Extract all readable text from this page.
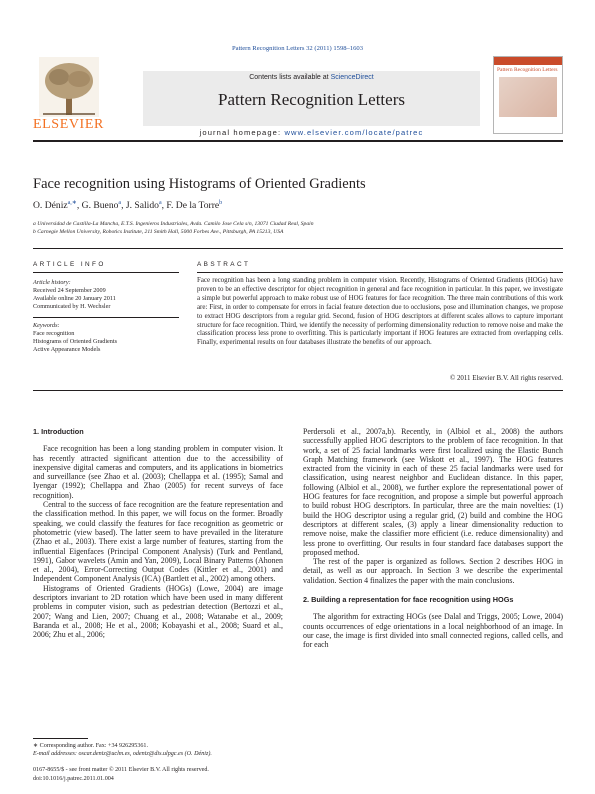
Pattern Recognition Letters 32 (2011) 1598–1603
ELSEVIER
Contents lists available at ScienceDirect
Pattern Recognition Letters
journal homepage: www.elsevier.com/locate/patrec
Pattern Recognition Letters
Face recognition using Histograms of Oriented Gradients
O. Déniz$^{a,∗}$, G. Bueno$^a$, J. Salido$^a$, F. De la Torre$^b$
a Universidad de Castilla-La Mancha, E.T.S. Ingenieros Industriales, Avda. Camilo Jose Cela s/n, 13071 Ciudad Real, Spain
b Carnegie Mellon University, Robotics Institute, 211 Smith Hall, 5000 Forbes Ave., Pittsburgh, PA 15213, USA
ARTICLE INFO	ABSTRACT
Article history:
Received 24 September 2009
Available online 20 January 2011
Communicated by H. Wechsler
Keywords:
Face recognition
Histograms of Oriented Gradients
Active Appearance Models
Face recognition has been a long standing problem in computer vision. Recently, Histograms of Oriented Gradients (HOGs) have proven to be an effective descriptor for object recognition in general and face recognition in particular. In this paper, we investigate a simple but powerful approach to make robust use of HOG features for face recognition. The three main contributions of this work are: First, in order to compensate for errors in facial feature detection due to occlusions, pose and illumination changes, we propose to extract HOG descriptors from a regular grid. Second, fusion of HOG descriptors at different scales allows to capture important structure for face recognition. Third, we identify the necessity of performing dimensionality reduction to remove noise and make the classification process less prone to overfitting. This is particularly important if HOG features are extracted from overlapping cells. Finally, experimental results on four databases illustrate the benefits of our approach.
© 2011 Elsevier B.V. All rights reserved.
1. Introduction

Face recognition has been a long standing problem in computer vision. It has recently attracted significant attention due to the accessibility of inexpensive digital cameras and computers, and its applications in biometrics and surveillance (see Zhao et al. (2003); Chellappa et al. (1995); Samal and Iyengar (1992); Chellappa and Zhao (2005) for recent surveys of face recognition).

Central to the success of face recognition are the feature representation and the classification method. In this paper, we will focus on the former. Broadly speaking, we could classify the features for face recognition as geometric or photometric (view based). The latter seem to have prevailed in the literature (Zhao et al., 2003). There exist a large number of features, starting from the influential Eigenfaces (Principal Component Analysis) (Turk and Pentland, 1991), Gabor wavelets (Amin and Yan, 2009), Local Binary Patterns (Ahonen et al., 2004), Error-Correcting Output Codes (Kittler et al., 2001) and Independent Component Analysis (ICA) (Bartlett et al., 2002) among others.

Histograms of Oriented Gradients (HOGs) (Lowe, 2004) are image descriptors invariant to 2D rotation which have been used in many different problems in computer vision, such as pedestrian detection (Bertozzi et al., 2007; Wang and Lien, 2007; Chuang et al., 2008; Watanabe et al., 2009; Baranda et al., 2008; He et al., 2008; Kobayashi et al., 2008; Suard et al., 2006; Zhu et al., 2006;

Perdersoli et al., 2007a,b). Recently, in (Albiol et al., 2008) the authors successfully applied HOG descriptors to the problem of face recognition. In that work, a set of 25 facial landmarks were first localized using the Elastic Bunch Graph Matching framework (see Wiskott et al., 1997). The HOG features extracted from the vicinity in each of these 25 facial landmarks were used for classification, using nearest neighbor and Euclidean distance. In this paper, following (Albiol et al., 2008), we further explore the representational power of HOG features for face recognition, and propose a simple but powerful approach to build robust HOG descriptors. In particular, three are the main novelties: (1) build the HOG descriptor using a regular grid, (2) build and combine the HOG descriptors at different scales, (3) apply a linear dimensionality reduction to remove noise, make the classifier more efficient (i.e. reduce dimensionality) and less prone to overfitting. Our results in four standard face databases support the proposed method.

The rest of the paper is organized as follows. Section 2 describes HOG in detail, as well as our approach. In Section 3 we describe the experimental validation. Section 4 finalizes the paper with the main conclusions.

2. Building a representation for face recognition using HOGs

The algorithm for extracting HOGs (see Dalal and Triggs, 2005; Lowe, 2004) counts occurrences of edge orientations in a local neighborhood of an image. In our case, the image is first divided into small connected regions, called cells, and for each

∗ Corresponding author. Fax: +34 926295361.
E-mail addresses: oscar.deniz@uclm.es, odeniz@dis.ulpgc.es (O. Déniz).
0167-8655/$ - see front matter © 2011 Elsevier B.V. All rights reserved.
doi:10.1016/j.patrec.2011.01.004
